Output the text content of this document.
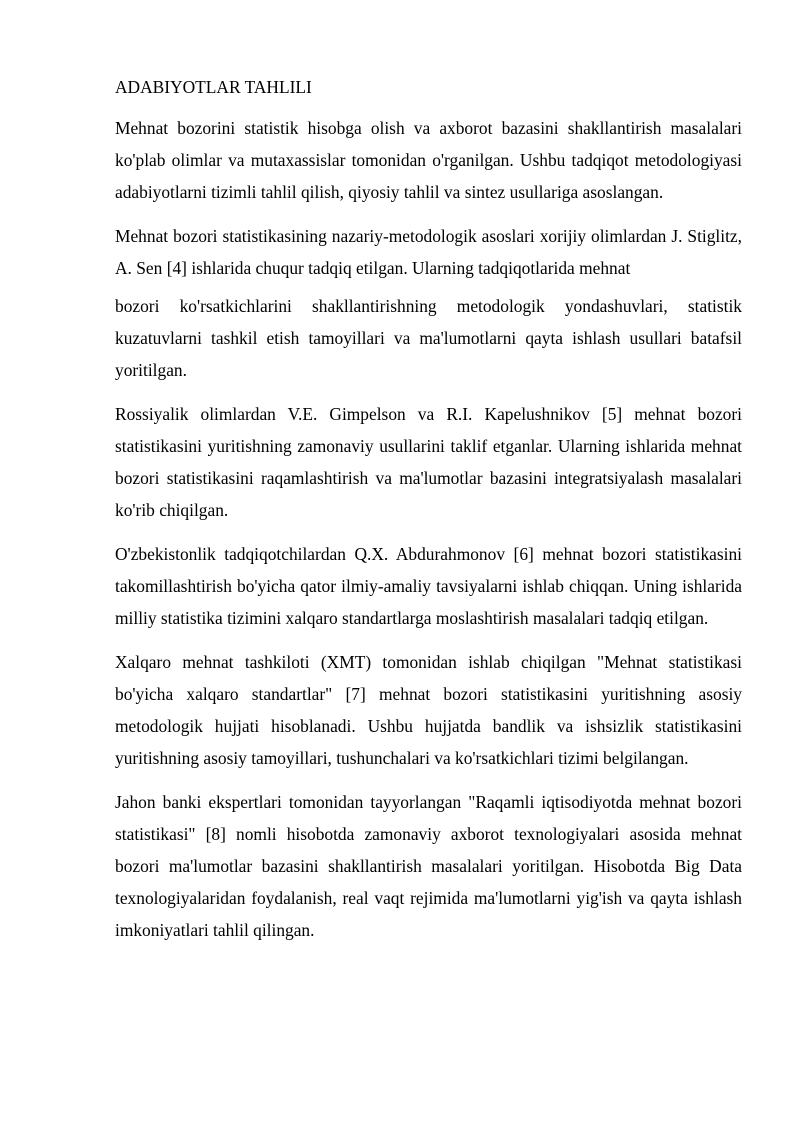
ADABIYOTLAR TAHLILI

Mehnat bozorini statistik hisobga olish va axborot bazasini shakllantirish masalalari ko'plab olimlar va mutaxassislar tomonidan o'rganilgan. Ushbu tadqiqot metodologiyasi adabiyotlarni tizimli tahlil qilish, qiyosiy tahlil va sintez usullariga asoslangan.

Mehnat bozori statistikasining nazariy-metodologik asoslari xorijiy olimlardan J. Stiglitz, A. Sen [4] ishlarida chuqur tadqiq etilgan. Ularning tadqiqotlarida mehnat

bozori ko'rsatkichlarini shakllantirishning metodologik yondashuvlari, statistik kuzatuvlarni tashkil etish tamoyillari va ma'lumotlarni qayta ishlash usullari batafsil yoritilgan.

Rossiyalik olimlardan V.E. Gimpelson va R.I. Kapelushnikov [5] mehnat bozori statistikasini yuritishning zamonaviy usullarini taklif etganlar. Ularning ishlarida mehnat bozori statistikasini raqamlashtirish va ma'lumotlar bazasini integratsiyalash masalalari ko'rib chiqilgan.

O'zbekistonlik tadqiqotchilardan Q.X. Abdurahmonov [6] mehnat bozori statistikasini takomillashtirish bo'yicha qator ilmiy-amaliy tavsiyalarni ishlab chiqqan. Uning ishlarida milliy statistika tizimini xalqaro standartlarga moslashtirish masalalari tadqiq etilgan.

Xalqaro mehnat tashkiloti (XMT) tomonidan ishlab chiqilgan "Mehnat statistikasi bo'yicha xalqaro standartlar" [7] mehnat bozori statistikasini yuritishning asosiy metodologik hujjati hisoblanadi. Ushbu hujjatda bandlik va ishsizlik statistikasini yuritishning asosiy tamoyillari, tushunchalari va ko'rsatkichlari tizimi belgilangan.

Jahon banki ekspertlari tomonidan tayyorlangan "Raqamli iqtisodiyotda mehnat bozori statistikasi" [8] nomli hisobotda zamonaviy axborot texnologiyalari asosida mehnat bozori ma'lumotlar bazasini shakllantirish masalalari yoritilgan. Hisobotda Big Data texnologiyalaridan foydalanish, real vaqt rejimida ma'lumotlarni yig'ish va qayta ishlash imkoniyatlari tahlil qilingan.
